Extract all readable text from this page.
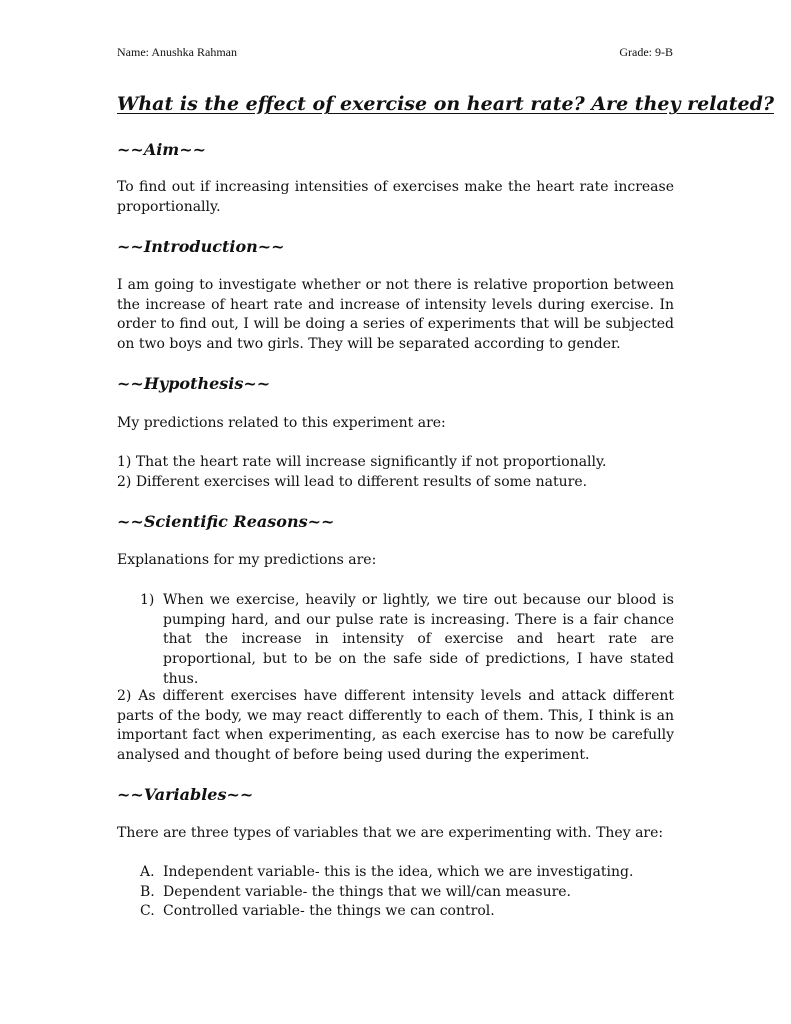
Name: Anushka Rahman	Grade: 9-B
What is the effect of exercise on heart rate? Are they related?
~~Aim~~

To find out if increasing intensities of exercises make the heart rate increase proportionally.

~~Introduction~~

I am going to investigate whether or not there is relative proportion between the increase of heart rate and increase of intensity levels during exercise. In order to find out, I will be doing a series of experiments that will be subjected on two boys and two girls. They will be separated according to gender.

~~Hypothesis~~

My predictions related to this experiment are:

1) That the heart rate will increase significantly if not proportionally.

2) Different exercises will lead to different results of some nature.

~~Scientific Reasons~~

Explanations for my predictions are:

1) When we exercise, heavily or lightly, we tire out because our blood is pumping hard, and our pulse rate is increasing. There is a fair chance that the increase in intensity of exercise and heart rate are proportional, but to be on the safe side of predictions, I have stated thus.

2) As different exercises have different intensity levels and attack different parts of the body, we may react differently to each of them. This, I think is an important fact when experimenting, as each exercise has to now be carefully analysed and thought of before being used during the experiment.

~~Variables~~

There are three types of variables that we are experimenting with. They are:

A. Independent variable- this is the idea, which we are investigating.
B. Dependent variable- the things that we will/can measure.
C. Controlled variable- the things we can control.
